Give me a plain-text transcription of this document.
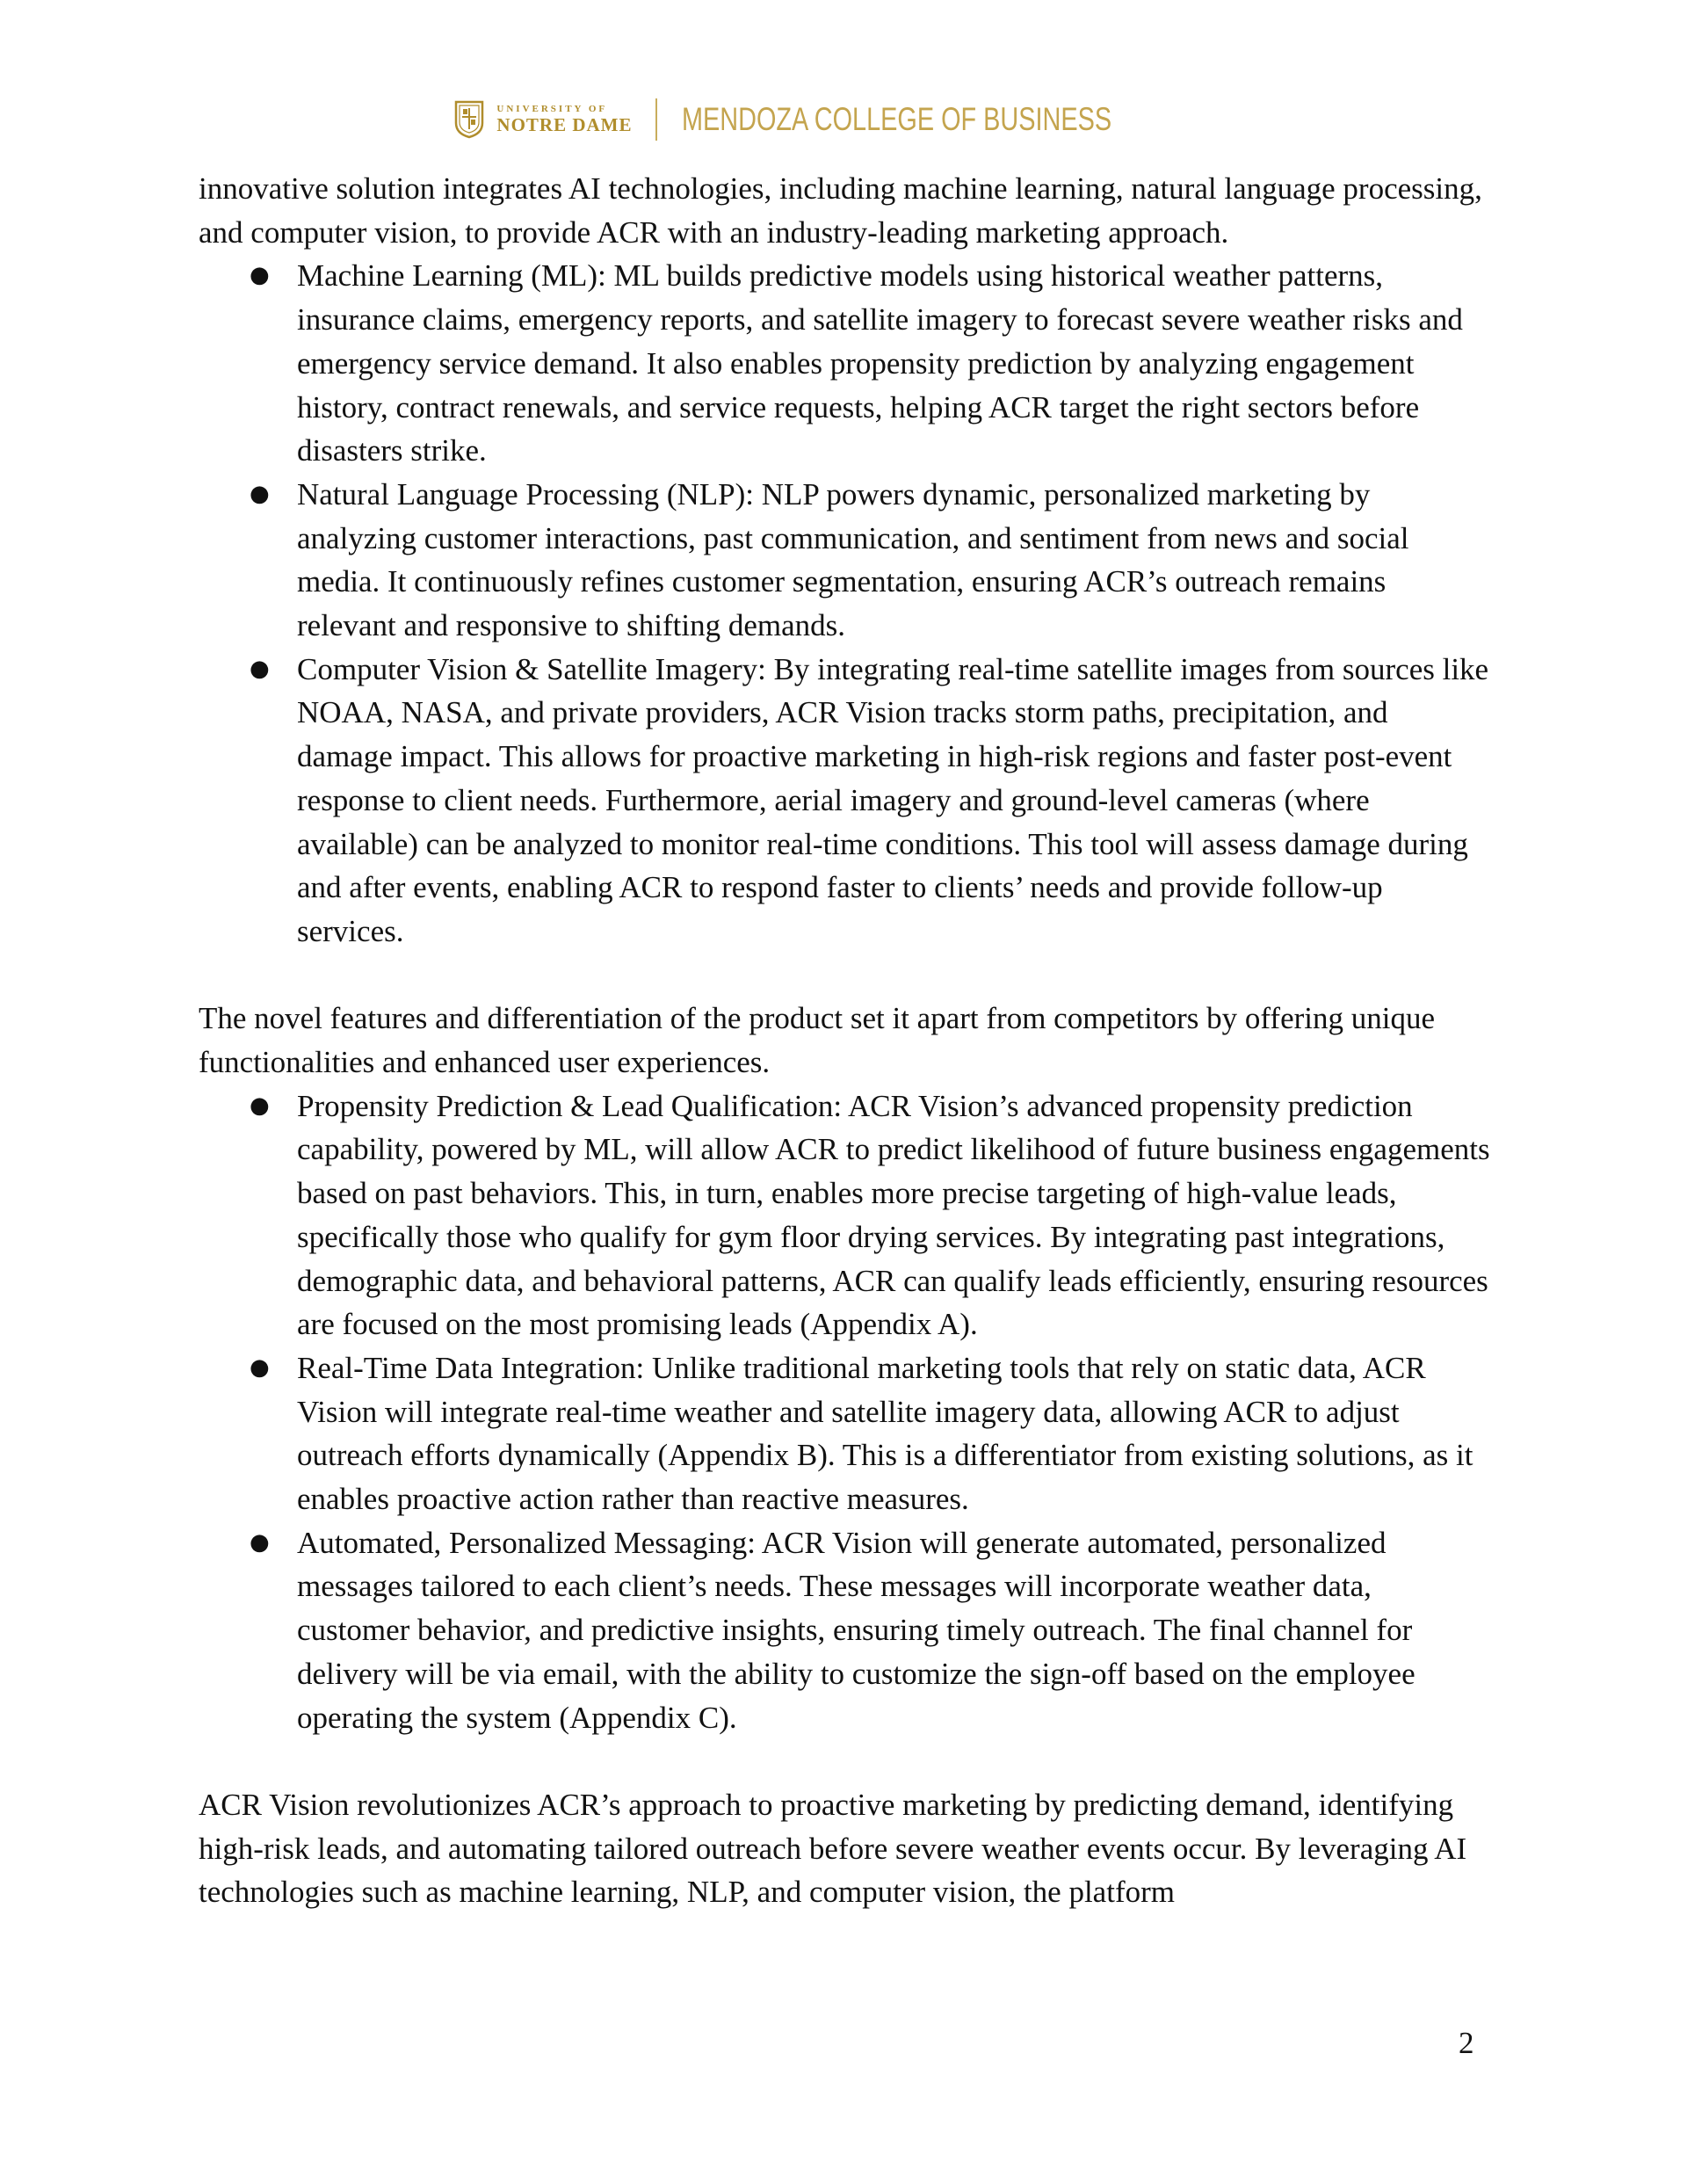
UNIVERSITY OF
NOTRE DAME MENDOZA COLLEGE OF BUSINESS

innovative solution integrates AI technologies, including machine learning, natural language processing, and computer vision, to provide ACR with an industry-leading marketing approach.

● Machine Learning (ML): ML builds predictive models using historical weather patterns, insurance claims, emergency reports, and satellite imagery to forecast severe weather risks and emergency service demand. It also enables propensity prediction by analyzing engagement history, contract renewals, and service requests, helping ACR target the right sectors before disasters strike.
● Natural Language Processing (NLP): NLP powers dynamic, personalized marketing by analyzing customer interactions, past communication, and sentiment from news and social media. It continuously refines customer segmentation, ensuring ACR’s outreach remains relevant and responsive to shifting demands.
● Computer Vision & Satellite Imagery: By integrating real-time satellite images from sources like NOAA, NASA, and private providers, ACR Vision tracks storm paths, precipitation, and damage impact. This allows for proactive marketing in high-risk regions and faster post-event response to client needs. Furthermore, aerial imagery and ground-level cameras (where available) can be analyzed to monitor real-time conditions. This tool will assess damage during and after events, enabling ACR to respond faster to clients’ needs and provide follow-up services.

The novel features and differentiation of the product set it apart from competitors by offering unique functionalities and enhanced user experiences.

● Propensity Prediction & Lead Qualification: ACR Vision’s advanced propensity prediction capability, powered by ML, will allow ACR to predict likelihood of future business engagements based on past behaviors. This, in turn, enables more precise targeting of high-value leads, specifically those who qualify for gym floor drying services. By integrating past integrations, demographic data, and behavioral patterns, ACR can qualify leads efficiently, ensuring resources are focused on the most promising leads (Appendix A).
● Real-Time Data Integration: Unlike traditional marketing tools that rely on static data, ACR Vision will integrate real-time weather and satellite imagery data, allowing ACR to adjust outreach efforts dynamically (Appendix B). This is a differentiator from existing solutions, as it enables proactive action rather than reactive measures.
● Automated, Personalized Messaging: ACR Vision will generate automated, personalized messages tailored to each client’s needs. These messages will incorporate weather data, customer behavior, and predictive insights, ensuring timely outreach. The final channel for delivery will be via email, with the ability to customize the sign-off based on the employee operating the system (Appendix C).

ACR Vision revolutionizes ACR’s approach to proactive marketing by predicting demand, identifying high-risk leads, and automating tailored outreach before severe weather events occur. By leveraging AI technologies such as machine learning, NLP, and computer vision, the platform

2
